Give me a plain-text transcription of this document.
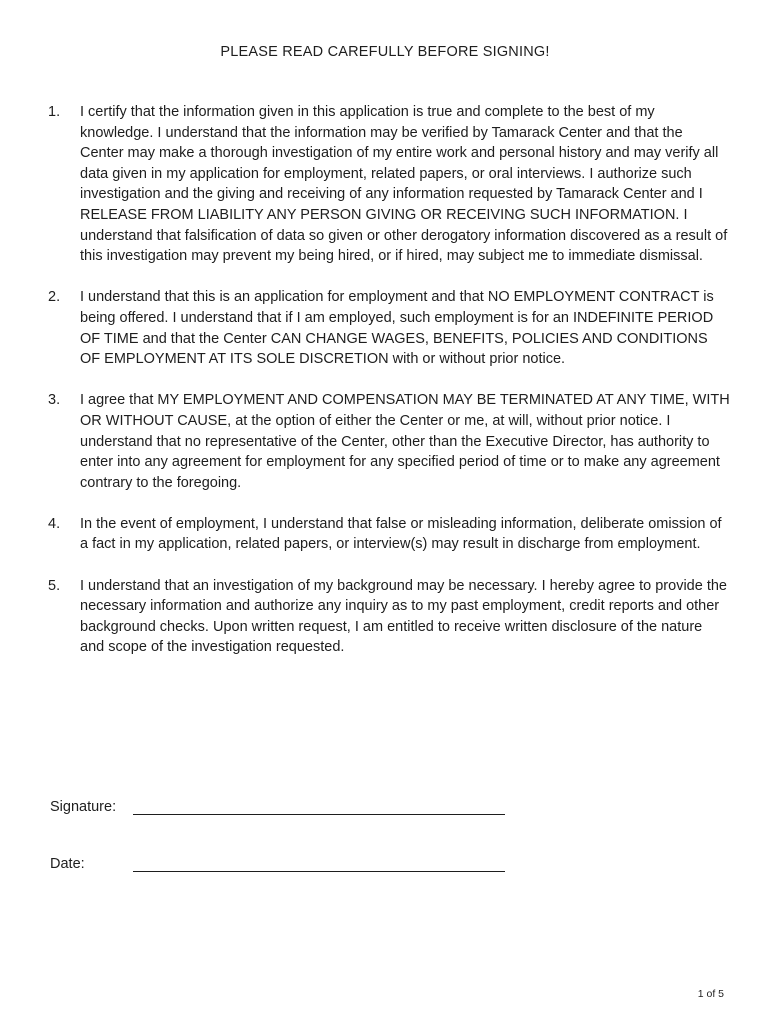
PLEASE READ CAREFULLY BEFORE SIGNING!
1.	I certify that the information given in this application is true and complete to the best of my knowledge. I understand that the information may be verified by Tamarack Center and that the Center may make a thorough investigation of my entire work and personal history and may verify all data given in my application for employment, related papers, or oral interviews. I authorize such investigation and the giving and receiving of any information requested by Tamarack Center and I RELEASE FROM LIABILITY ANY PERSON GIVING OR RECEIVING SUCH INFORMATION. I understand that falsification of data so given or other derogatory information discovered as a result of this investigation may prevent my being hired, or if hired, may subject me to immediate dismissal.
2.	I understand that this is an application for employment and that NO EMPLOYMENT CONTRACT is being offered. I understand that if I am employed, such employment is for an INDEFINITE PERIOD OF TIME and that the Center CAN CHANGE WAGES, BENEFITS, POLICIES AND CONDITIONS OF EMPLOYMENT AT ITS SOLE DISCRETION with or without prior notice.
3.	I agree that MY EMPLOYMENT AND COMPENSATION MAY BE TERMINATED AT ANY TIME, WITH OR WITHOUT CAUSE, at the option of either the Center or me, at will, without prior notice. I understand that no representative of the Center, other than the Executive Director, has authority to enter into any agreement for employment for any specified period of time or to make any agreement contrary to the foregoing.
4.	In the event of employment, I understand that false or misleading information, deliberate omission of a fact in my application, related papers, or interview(s) may result in discharge from employment.
5.	I understand that an investigation of my background may be necessary. I hereby agree to provide the necessary information and authorize any inquiry as to my past employment, credit reports and other background checks. Upon written request, I am entitled to receive written disclosure of the nature and scope of the investigation requested.
Signature:
Date:
1 of 5
